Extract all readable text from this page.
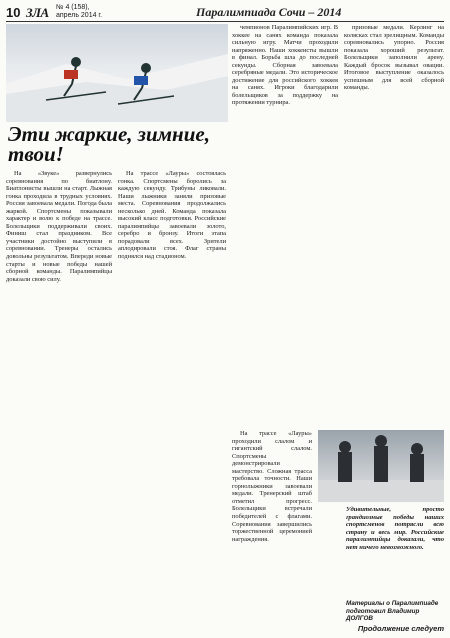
10 ЗЛА № 4 (158),
апрель 2014 г.	Паралимпиада Сочи – 2014
Эти жаркие, зимние, твои!

На «Звуке» развернулись соревнования по биатлону. Биатлонисты вышли на старт. Лыжная гонка проходила в трудных условиях. Россия завоевала медали. Погода была жаркой. Спортсмены показывали характер и волю к победе на трассе. Болельщики поддерживали своих. Финиш стал праздником. Все участники достойно выступили в соревновании. Тренеры остались довольны результатом. Впереди новые старты и новые победы нашей сборной команды. Паралимпийцы доказали свою силу.

На трассе «Лауры» состоялась гонка. Спортсмены боролись за каждую секунду. Трибуны ликовали. Наши лыжники заняли призовые места. Соревнования продолжались несколько дней. Команда показала высокий класс подготовки. Российские паралимпийцы завоевали золото, серебро и бронзу. Итоги этапа порадовали всех. Зрители аплодировали стоя. Флаг страны поднялся над стадионом.

чемпионов Паралимпийских игр. В хоккее на санях команда показала сильную игру. Матчи проходили напряженно. Наши хоккеисты вышли в финал. Борьба шла до последней секунды. Сборная завоевала серебряные медали. Это историческое достижение для российского хоккея на санях. Игроки благодарили болельщиков за поддержку на протяжении турнира.

призовые медали. Керлинг на колясках стал зрелищным. Команды соревновались упорно. Россия показала хороший результат. Болельщики заполнили арену. Каждый бросок вызывал овации. Итоговое выступление оказалось успешным для всей сборной команды.

На трассе «Лауры» проходили слалом и гигантский слалом. Спортсмены демонстрировали мастерство. Сложная трасса требовала точности. Наши горнолыжники завоевали медали. Тренерский штаб отметил прогресс. Болельщики встречали победителей с флагами. Соревнования завершились торжественной церемонией награждения.

Удивительные, просто грандиозные победы наших спортсменов потрясли всю страну и весь мир. Российские паралимпийцы доказали, что нет ничего невозможного.
Материалы о Паралимпиаде подготовил Владимир ДОЛГОВ
Продолжение следует
